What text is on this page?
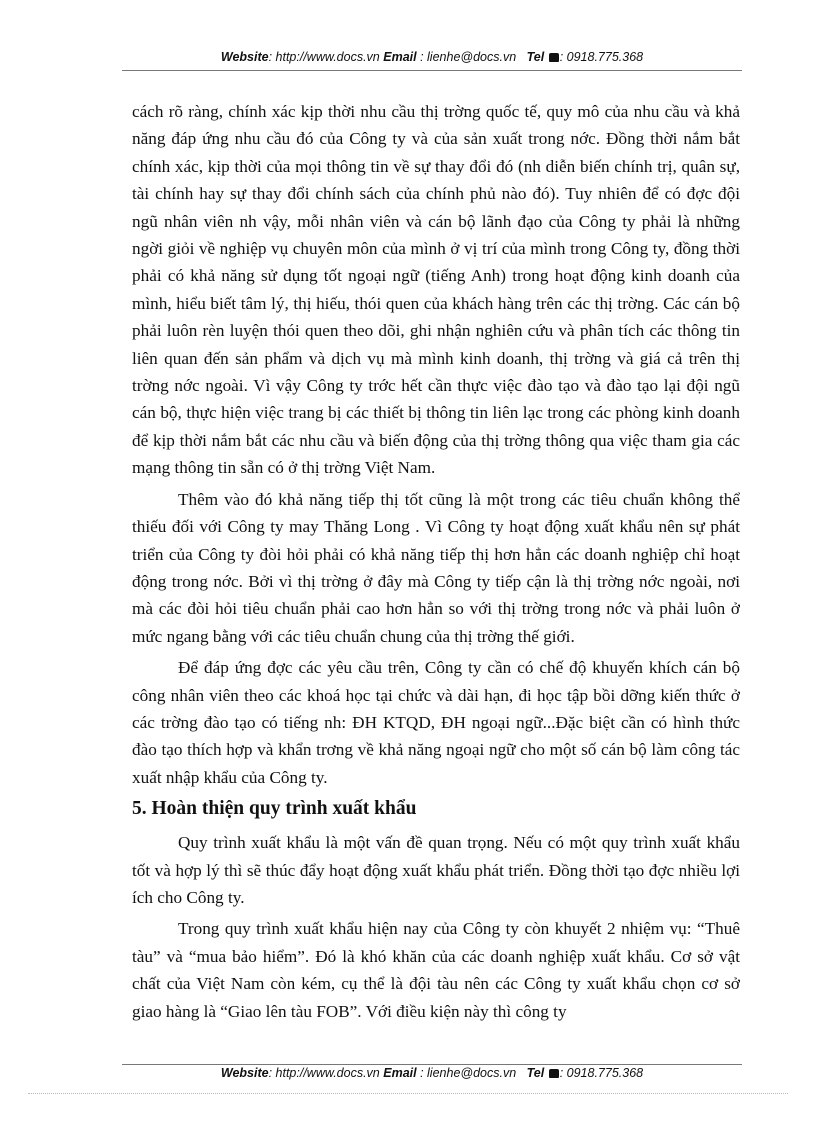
Website: http://www.docs.vn Email : lienhe@docs.vn Tel : 0918.775.368

cách rõ ràng, chính xác kịp thời nhu cầu thị trờng quốc tế, quy mô của nhu cầu và khả năng đáp ứng nhu cầu đó của Công ty và của sản xuất trong nớc. Đồng thời nắm bắt chính xác, kịp thời của mọi thông tin về sự thay đổi đó (nh diễn biến chính trị, quân sự, tài chính hay sự thay đổi chính sách của chính phủ nào đó). Tuy nhiên để có đợc đội ngũ nhân viên nh vậy, mỗi nhân viên và cán bộ lãnh đạo của Công ty phải là những ngời giỏi về nghiệp vụ chuyên môn của mình ở vị trí của mình trong Công ty, đồng thời phải có khả năng sử dụng tốt ngoại ngữ (tiếng Anh) trong hoạt động kinh doanh của mình, hiểu biết tâm lý, thị hiếu, thói quen của khách hàng trên các thị trờng. Các cán bộ phải luôn rèn luyện thói quen theo dõi, ghi nhận nghiên cứu và phân tích các thông tin liên quan đến sản phẩm và dịch vụ mà mình kinh doanh, thị trờng và giá cả trên thị trờng nớc ngoài. Vì vậy Công ty trớc hết cần thực việc đào tạo và đào tạo lại đội ngũ cán bộ, thực hiện việc trang bị các thiết bị thông tin liên lạc trong các phòng kinh doanh để kịp thời nắm bắt các nhu cầu và biến động của thị trờng thông qua việc tham gia các mạng thông tin sẵn có ở thị trờng Việt Nam.

Thêm vào đó khả năng tiếp thị tốt cũng là một trong các tiêu chuẩn không thể thiếu đối với Công ty may Thăng Long . Vì Công ty hoạt động xuất khẩu nên sự phát triển của Công ty đòi hỏi phải có khả năng tiếp thị hơn hẳn các doanh nghiệp chỉ hoạt động trong nớc. Bởi vì thị trờng ở đây mà Công ty tiếp cận là thị trờng nớc ngoài, nơi mà các đòi hỏi tiêu chuẩn phải cao hơn hẳn so với thị trờng trong nớc và phải luôn ở mức ngang bằng với các tiêu chuẩn chung của thị trờng thế giới.

Để đáp ứng đợc các yêu cầu trên, Công ty cần có chế độ khuyến khích cán bộ công nhân viên theo các khoá học tại chức và dài hạn, đi học tập bồi dỡng kiến thức ở các trờng đào tạo có tiếng nh: ĐH KTQD, ĐH ngoại ngữ...Đặc biệt cần có hình thức đào tạo thích hợp và khẩn trơng về khả năng ngoại ngữ cho một số cán bộ làm công tác xuất nhập khẩu của Công ty.

5. Hoàn thiện quy trình xuất khẩu

Quy trình xuất khẩu là một vấn đề quan trọng. Nếu có một quy trình xuất khẩu tốt và hợp lý thì sẽ thúc đẩy hoạt động xuất khẩu phát triển. Đồng thời tạo đợc nhiều lợi ích cho Công ty.

Trong quy trình xuất khẩu hiện nay của Công ty còn khuyết 2 nhiệm vụ: “Thuê tàu” và “mua bảo hiểm”. Đó là khó khăn của các doanh nghiệp xuất khẩu. Cơ sở vật chất của Việt Nam còn kém, cụ thể là đội tàu nên các Công ty xuất khẩu chọn cơ sở giao hàng là “Giao lên tàu FOB”. Với điều kiện này thì công ty

Website: http://www.docs.vn Email : lienhe@docs.vn Tel : 0918.775.368
